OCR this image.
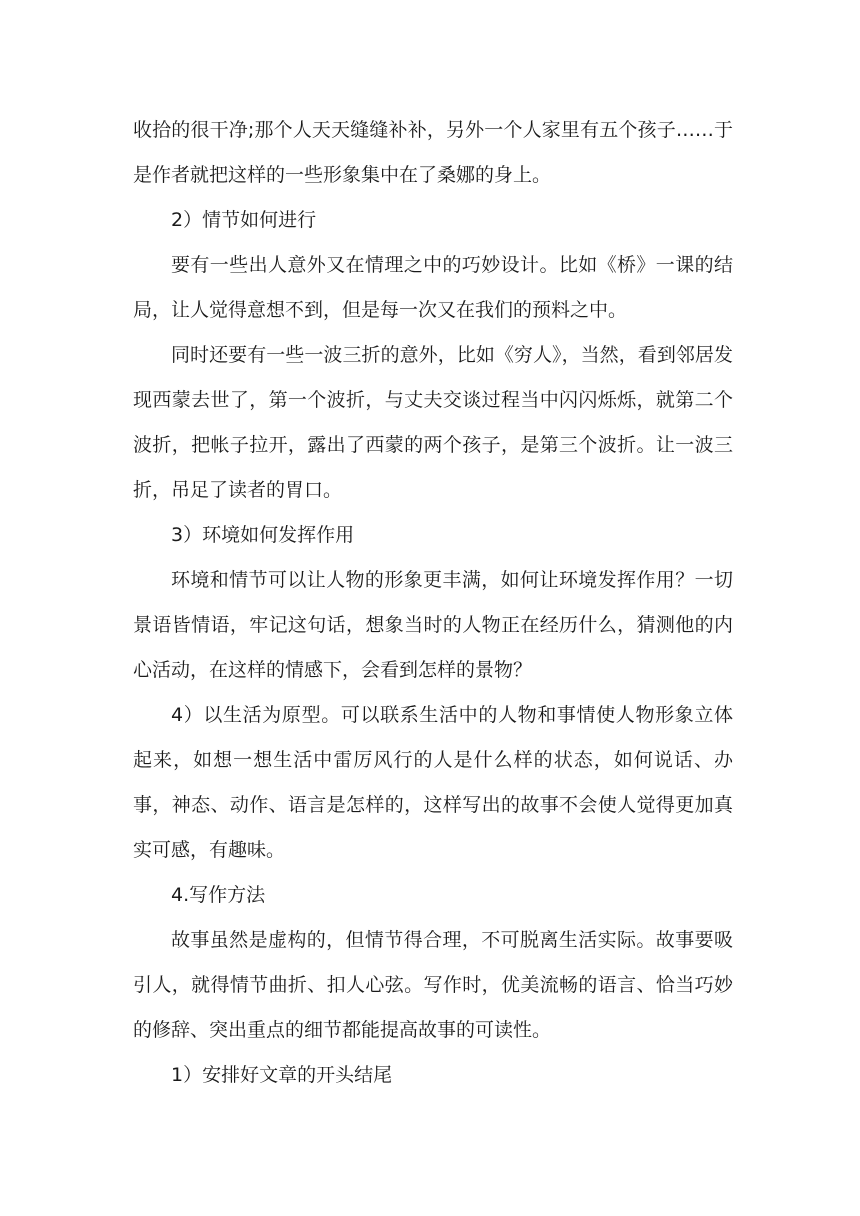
收拾的很干净;那个人天天缝缝补补，另外一个人家里有五个孩子……于是作者就把这样的一些形象集中在了桑娜的身上。

2）情节如何进行

要有一些出人意外又在情理之中的巧妙设计。比如《桥》一课的结局，让人觉得意想不到，但是每一次又在我们的预料之中。

同时还要有一些一波三折的意外，比如《穷人》，当然，看到邻居发现西蒙去世了，第一个波折，与丈夫交谈过程当中闪闪烁烁，就第二个波折，把帐子拉开，露出了西蒙的两个孩子，是第三个波折。让一波三折，吊足了读者的胃口。

3）环境如何发挥作用

环境和情节可以让人物的形象更丰满，如何让环境发挥作用？一切景语皆情语，牢记这句话，想象当时的人物正在经历什么，猜测他的内心活动，在这样的情感下，会看到怎样的景物？

4）以生活为原型。可以联系生活中的人物和事情使人物形象立体起来，如想一想生活中雷厉风行的人是什么样的状态，如何说话、办事，神态、动作、语言是怎样的，这样写出的故事不会使人觉得更加真实可感，有趣味。

4.写作方法

故事虽然是虚构的，但情节得合理，不可脱离生活实际。故事要吸引人，就得情节曲折、扣人心弦。写作时，优美流畅的语言、恰当巧妙的修辞、突出重点的细节都能提高故事的可读性。

1）安排好文章的开头结尾
